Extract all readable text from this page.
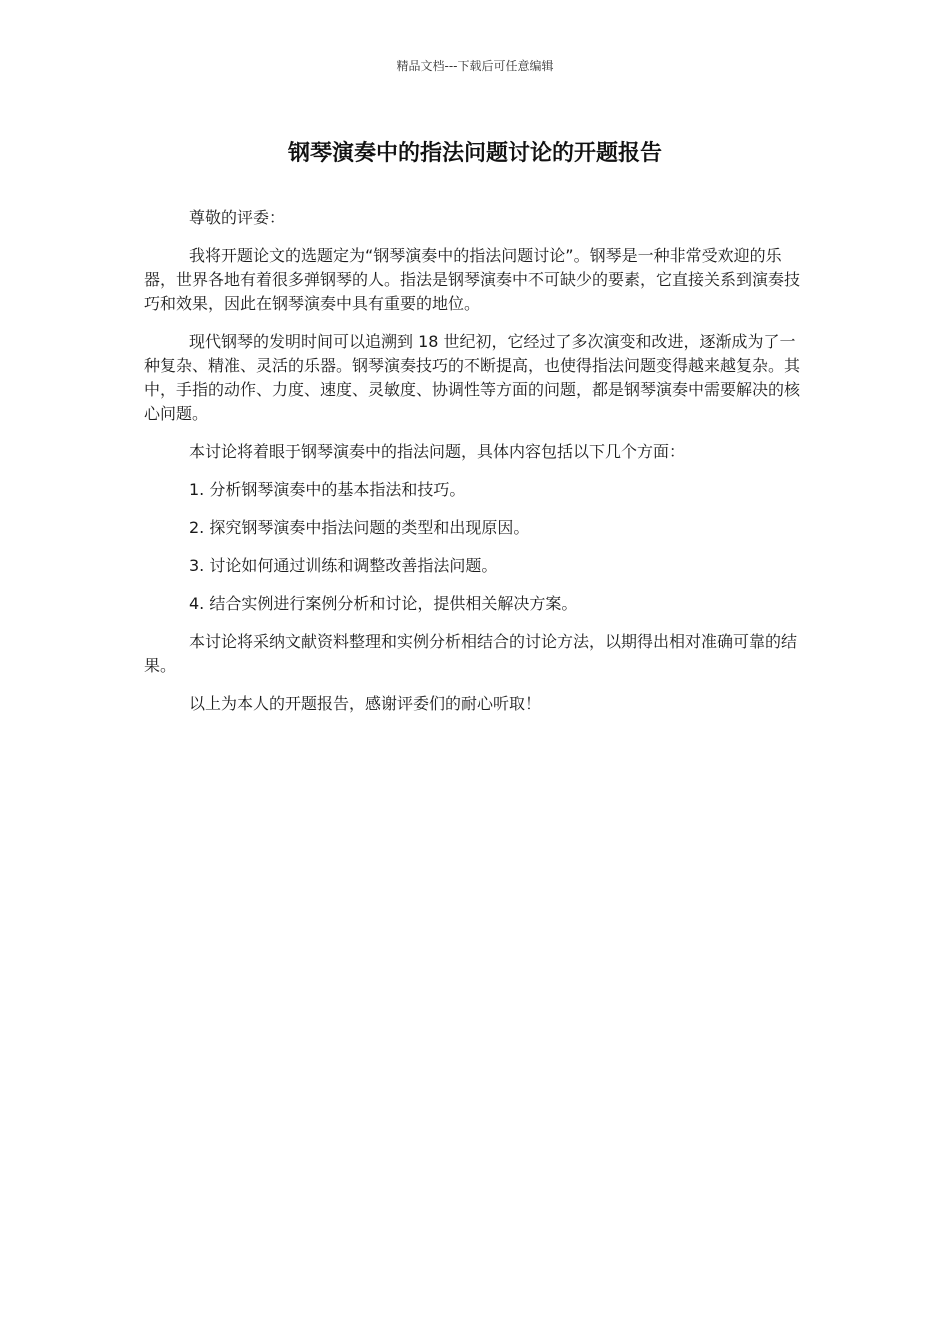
精品文档---下载后可任意编辑
钢琴演奏中的指法问题讨论的开题报告

尊敬的评委：

我将开题论文的选题定为“钢琴演奏中的指法问题讨论”。钢琴是一种非常受欢迎的乐器，世界各地有着很多弹钢琴的人。指法是钢琴演奏中不可缺少的要素，它直接关系到演奏技巧和效果，因此在钢琴演奏中具有重要的地位。

现代钢琴的发明时间可以追溯到 18 世纪初，它经过了多次演变和改进，逐渐成为了一种复杂、精准、灵活的乐器。钢琴演奏技巧的不断提高，也使得指法问题变得越来越复杂。其中，手指的动作、力度、速度、灵敏度、协调性等方面的问题，都是钢琴演奏中需要解决的核心问题。

本讨论将着眼于钢琴演奏中的指法问题，具体内容包括以下几个方面：

1. 分析钢琴演奏中的基本指法和技巧。

2. 探究钢琴演奏中指法问题的类型和出现原因。

3. 讨论如何通过训练和调整改善指法问题。

4. 结合实例进行案例分析和讨论，提供相关解决方案。

本讨论将采纳文献资料整理和实例分析相结合的讨论方法，以期得出相对准确可靠的结果。

以上为本人的开题报告，感谢评委们的耐心听取！
